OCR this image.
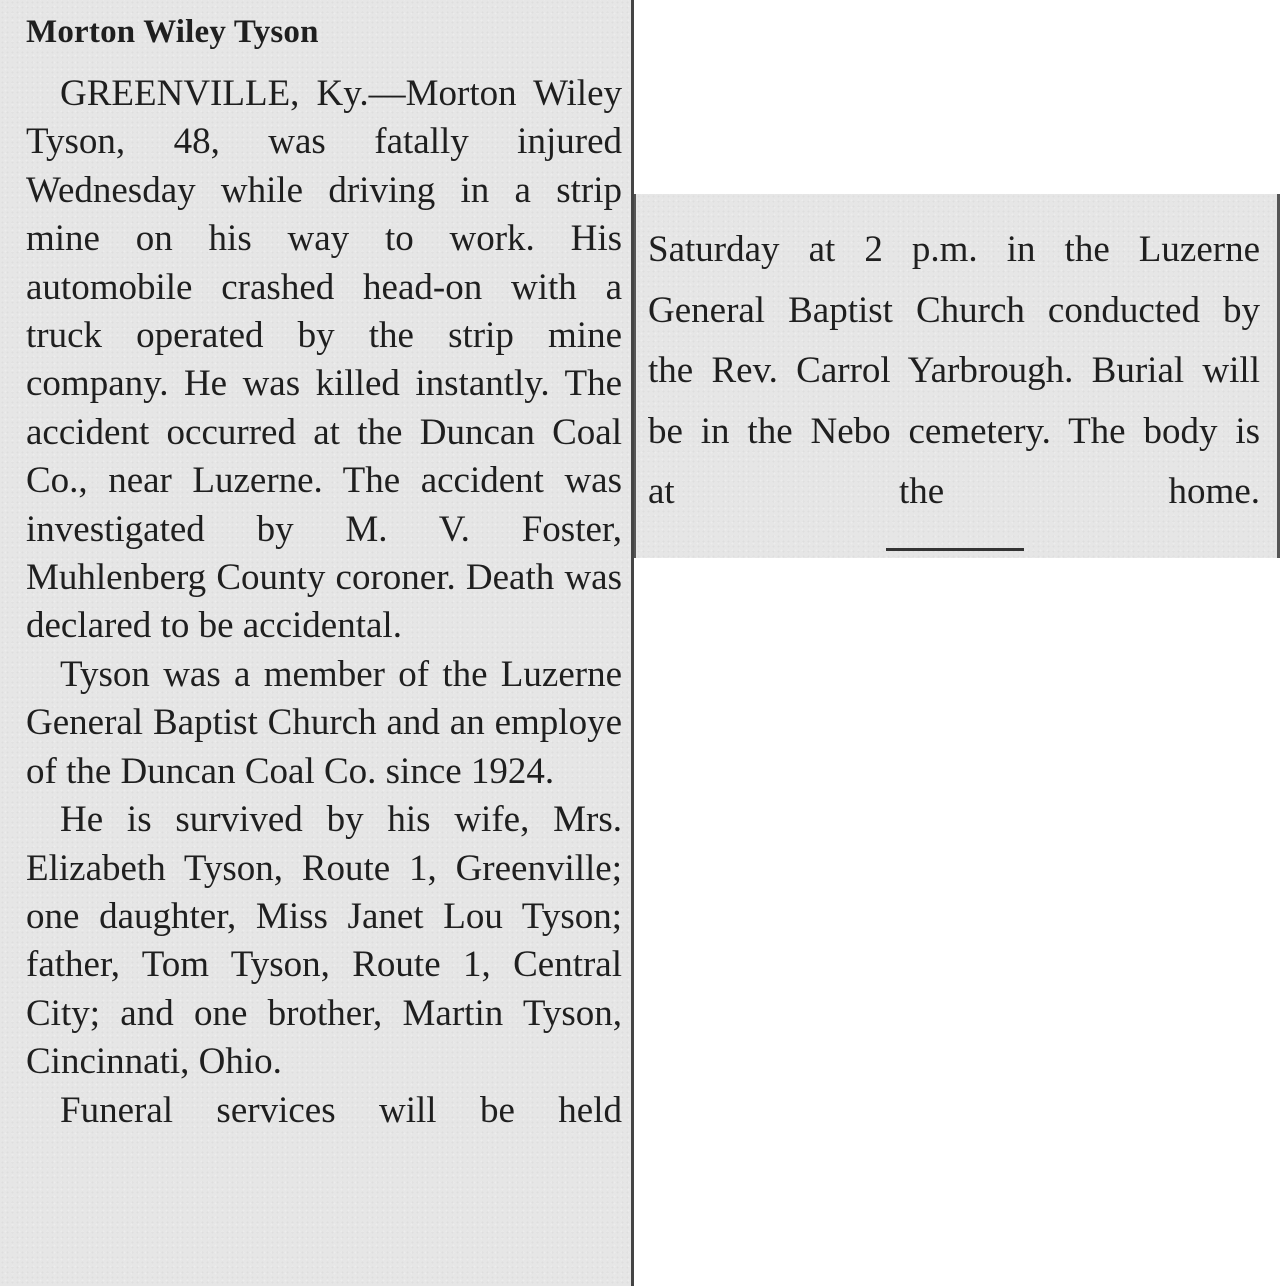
Morton Wiley Tyson

GREENVILLE, Ky.—Morton Wiley Tyson, 48, was fatally injured Wednesday while driving in a strip mine on his way to work. His automobile crashed head-on with a truck operated by the strip mine company. He was killed instantly. The accident occurred at the Duncan Coal Co., near Luzerne. The accident was investigated by M. V. Foster, Muhlenberg County coroner. Death was declared to be accidental.

Tyson was a member of the Luzerne General Baptist Church and an employe of the Duncan Coal Co. since 1924.

He is survived by his wife, Mrs. Elizabeth Tyson, Route 1, Greenville; one daughter, Miss Janet Lou Tyson; father, Tom Tyson, Route 1, Central City; and one brother, Martin Tyson, Cincinnati, Ohio.

Funeral services will be held

Saturday at 2 p.m. in the Luzerne General Baptist Church conducted by the Rev. Carrol Yarbrough. Burial will be in the Nebo cemetery. The body is at the home.
